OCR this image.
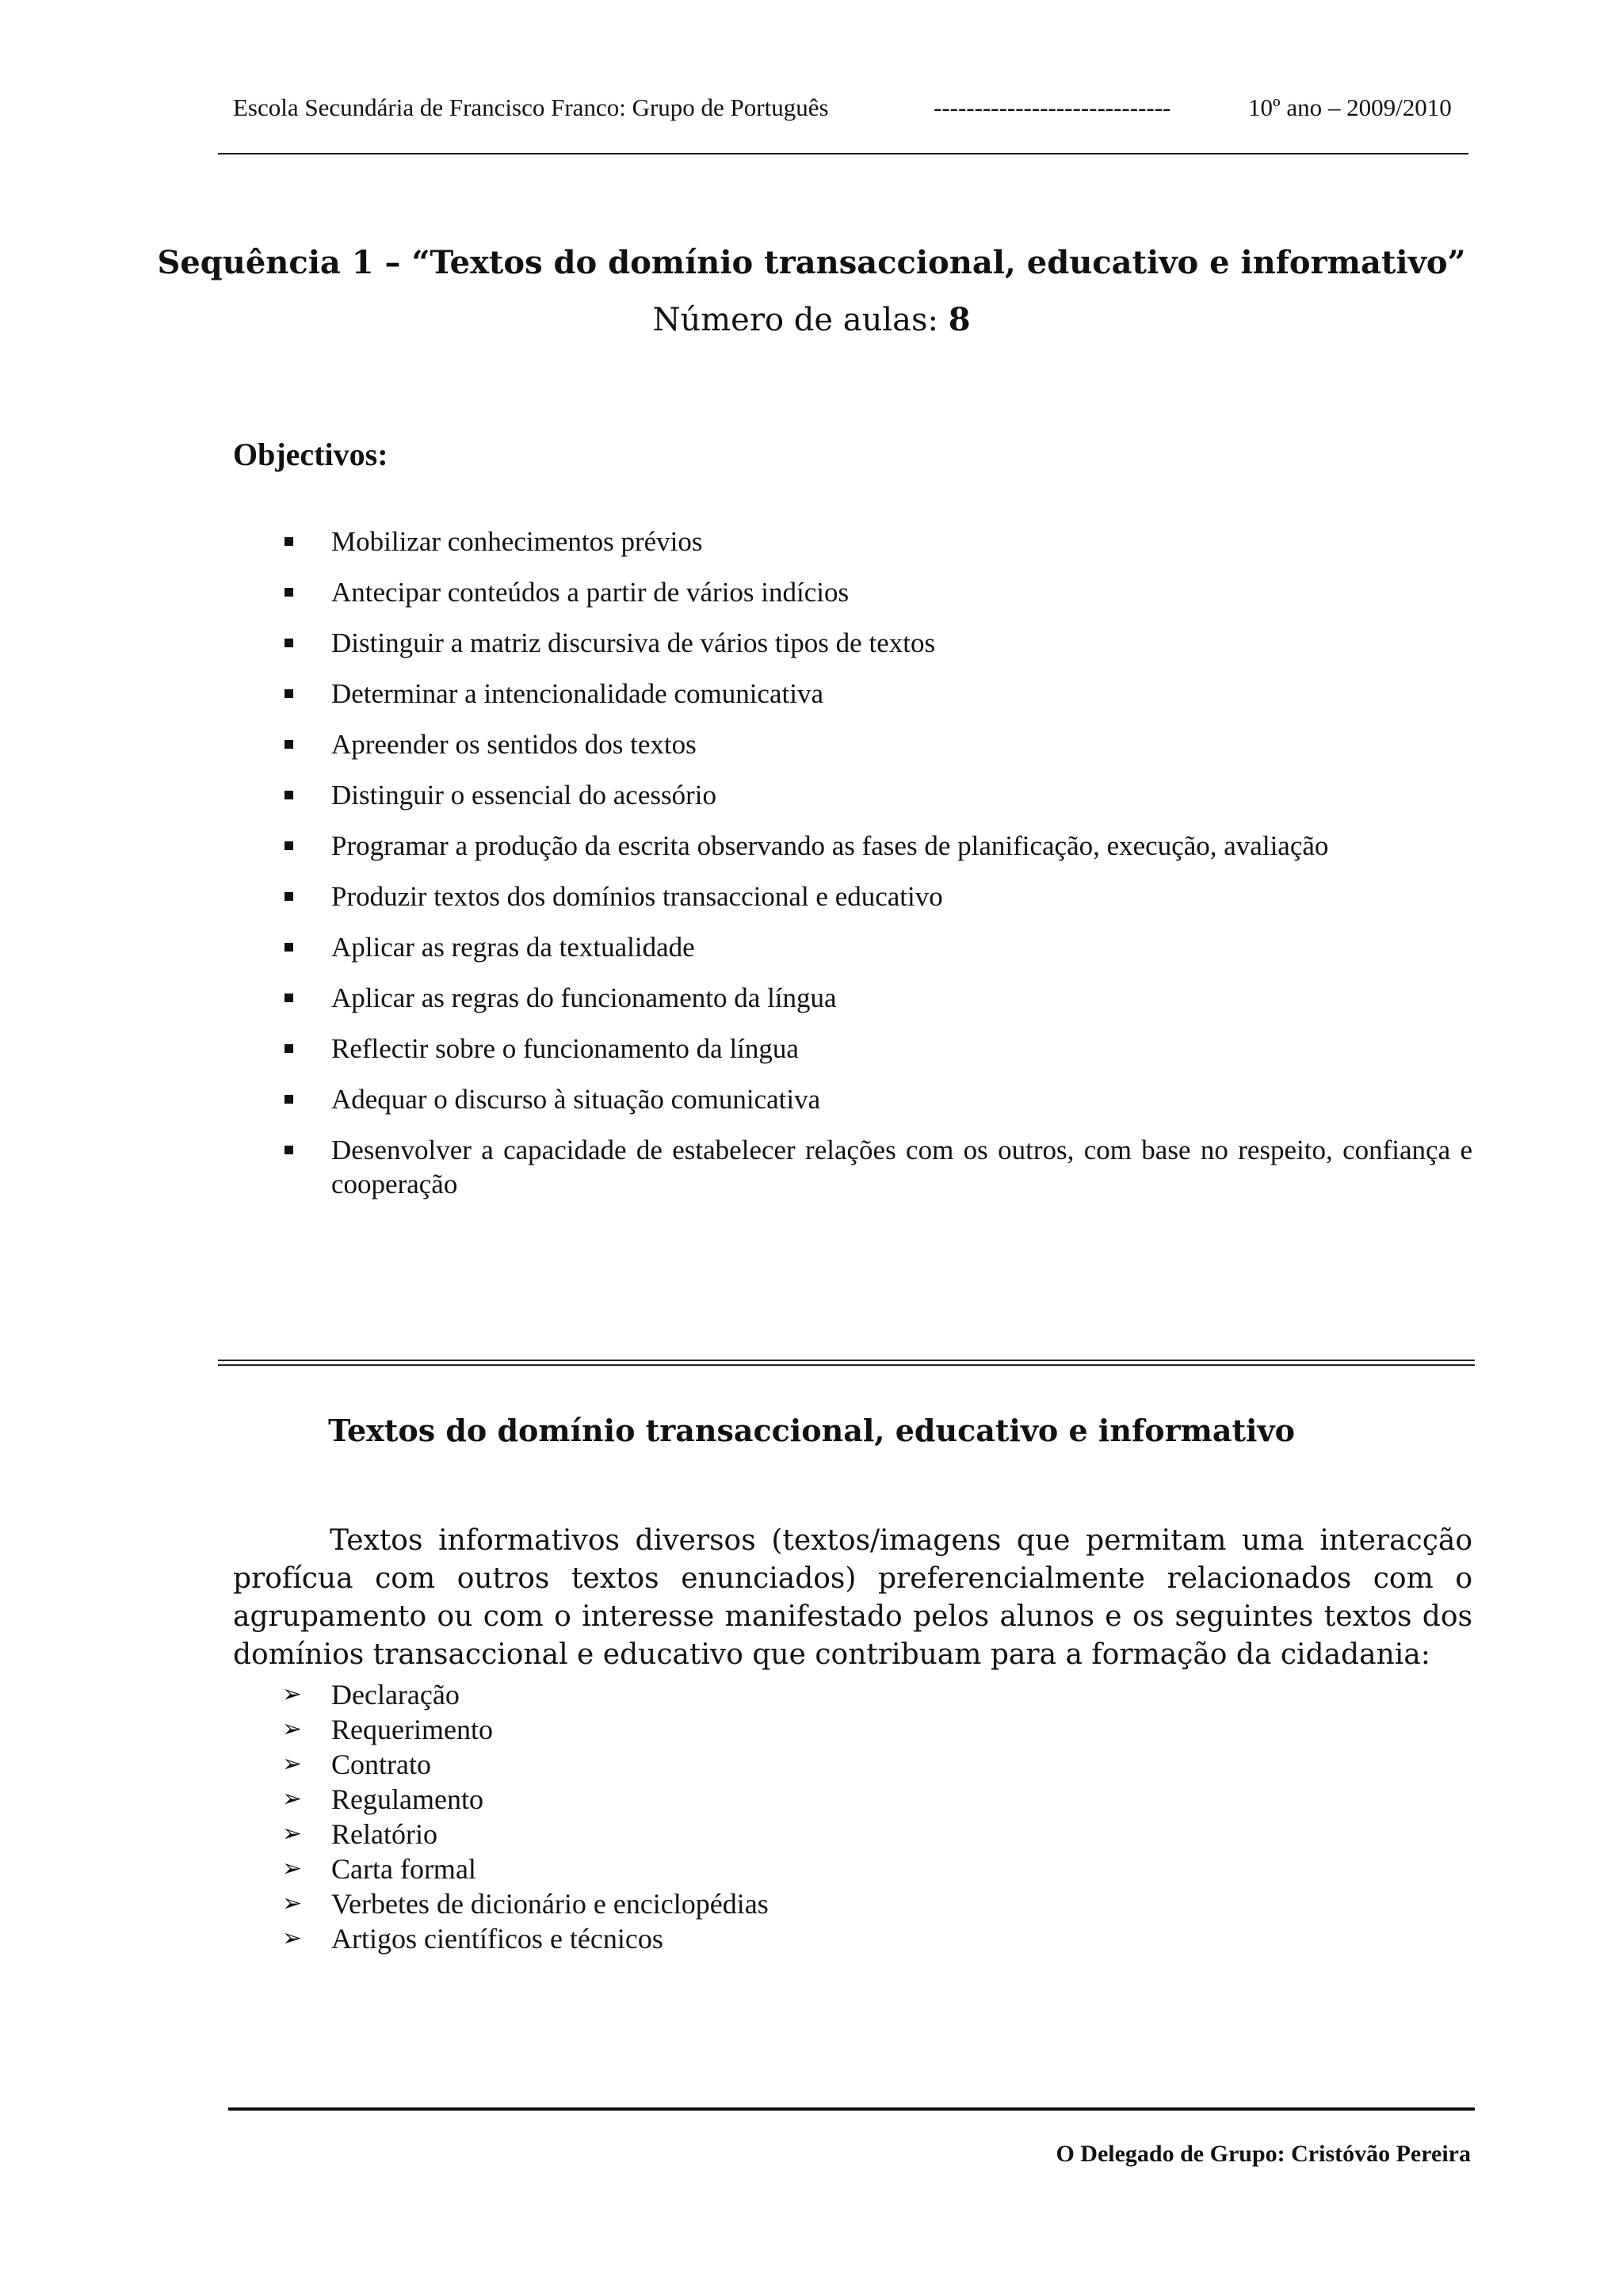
Escola Secundária de Francisco Franco: Grupo de Português	-----------------------------	10º ano – 2009/2010
Sequência 1 – “Textos do domínio transaccional, educativo e informativo”
Número de aulas: 8
Objectivos:
Mobilizar conhecimentos prévios
Antecipar conteúdos a partir de vários indícios
Distinguir a matriz discursiva de vários tipos de textos
Determinar a intencionalidade comunicativa
Apreender os sentidos dos textos
Distinguir o essencial do acessório
Programar a produção da escrita observando as fases de planificação, execução, avaliação
Produzir textos dos domínios transaccional e educativo
Aplicar as regras da textualidade
Aplicar as regras do funcionamento da língua
Reflectir sobre o funcionamento da língua
Adequar o discurso à situação comunicativa
Desenvolver a capacidade de estabelecer relações com os outros, com base no respeito, confiança e cooperação
Textos do domínio transaccional, educativo e informativo

Textos informativos diversos (textos/imagens que permitam uma interacção profícua com outros textos enunciados) preferencialmente relacionados com o agrupamento ou com o interesse manifestado pelos alunos e os seguintes textos dos domínios transaccional e educativo que contribuam para a formação da cidadania:

➢ Declaração
➢ Requerimento
➢ Contrato
➢ Regulamento
➢ Relatório
➢ Carta formal
➢ Verbetes de dicionário e enciclopédias
➢ Artigos científicos e técnicos
O Delegado de Grupo: Cristóvão Pereira
